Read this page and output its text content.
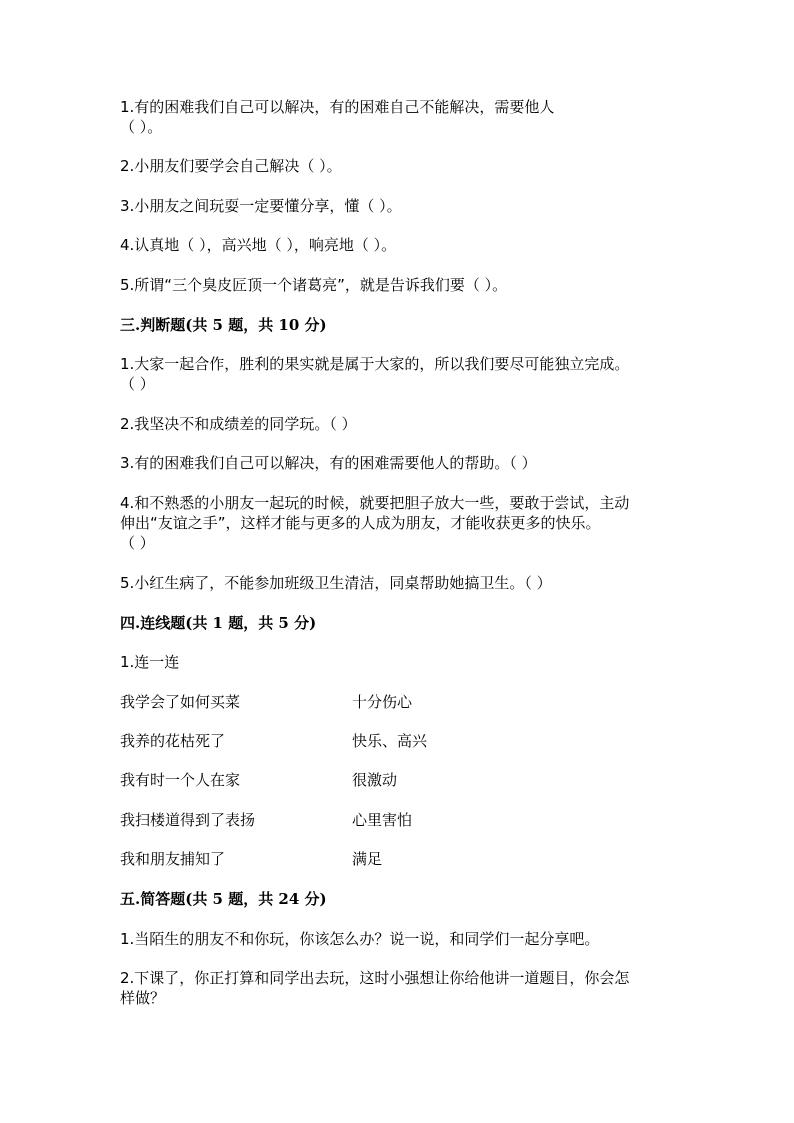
1.有的困难我们自己可以解决，有的困难自己不能解决，需要他人
（ ）。
2.小朋友们要学会自己解决（ ）。
3.小朋友之间玩耍一定要懂分享，懂（ ）。
4.认真地（ ），高兴地（ ），响亮地（ ）。
5.所谓“三个臭皮匠顶一个诸葛亮”，就是告诉我们要（ ）。
三.判断题(共 5 题，共 10 分)
1.大家一起合作，胜利的果实就是属于大家的，所以我们要尽可能独立完成。
（ ）
2.我坚决不和成绩差的同学玩。（ ）
3.有的困难我们自己可以解决，有的困难需要他人的帮助。（ ）
4.和不熟悉的小朋友一起玩的时候，就要把胆子放大一些，要敢于尝试，主动
伸出“友谊之手”，这样才能与更多的人成为朋友，才能收获更多的快乐。
（ ）
5.小红生病了，不能参加班级卫生清洁，同桌帮助她搞卫生。（ ）
四.连线题(共 1 题，共 5 分)
1.连一连
我学会了如何买菜	十分伤心
我养的花枯死了	快乐、高兴
我有时一个人在家	很激动
我扫楼道得到了表扬	心里害怕
我和朋友捕知了	满足
五.简答题(共 5 题，共 24 分)
1.当陌生的朋友不和你玩，你该怎么办？说一说，和同学们一起分享吧。
2.下课了，你正打算和同学出去玩，这时小强想让你给他讲一道题目，你会怎
样做？
